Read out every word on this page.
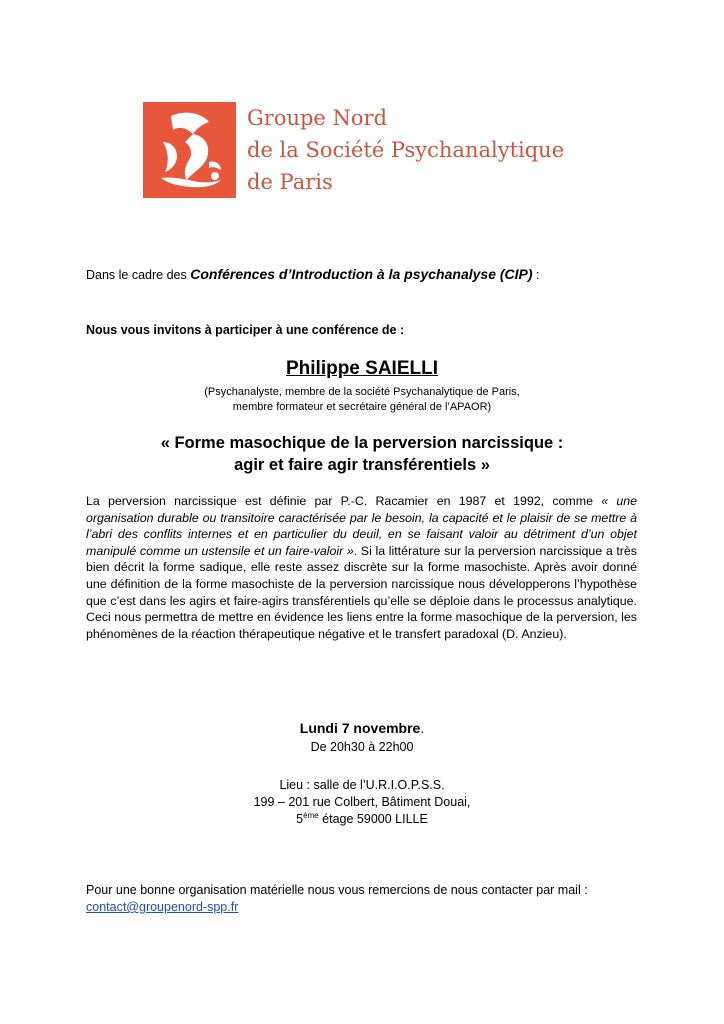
Groupe Nord
de la Société Psychanalytique
de Paris
Dans le cadre des Conférences d’Introduction à la psychanalyse (CIP) :
Nous vous invitons à participer à une conférence de :
Philippe SAIELLI
(Psychanalyste, membre de la société Psychanalytique de Paris,
membre formateur et secrétaire général de l’APAOR)
« Forme masochique de la perversion narcissique :
agir et faire agir transférentiels »
La perversion narcissique est définie par P.-C. Racamier en 1987 et 1992, comme « une organisation durable ou transitoire caractérisée par le besoin, la capacité et le plaisir de se mettre à l’abri des conflits internes et en particulier du deuil, en se faisant valoir au détriment d’un objet manipulé comme un ustensile et un faire-valoir ». Si la littérature sur la perversion narcissique a très bien décrit la forme sadique, elle reste assez discrète sur la forme masochiste. Après avoir donné une définition de la forme masochiste de la perversion narcissique nous développerons l’hypothèse que c’est dans les agirs et faire-agirs transférentiels qu’elle se déploie dans le processus analytique. Ceci nous permettra de mettre en évidence les liens entre la forme masochique de la perversion, les phénomènes de la réaction thérapeutique négative et le transfert paradoxal (D. Anzieu).
Lundi 7 novembre.
De 20h30 à 22h00
Lieu : salle de l’U.R.I.O.P.S.S.
199 – 201 rue Colbert, Bâtiment Douai,
5ème étage 59000 LILLE
Pour une bonne organisation matérielle nous vous remercions de nous contacter par mail :
contact@groupenord-spp.fr
